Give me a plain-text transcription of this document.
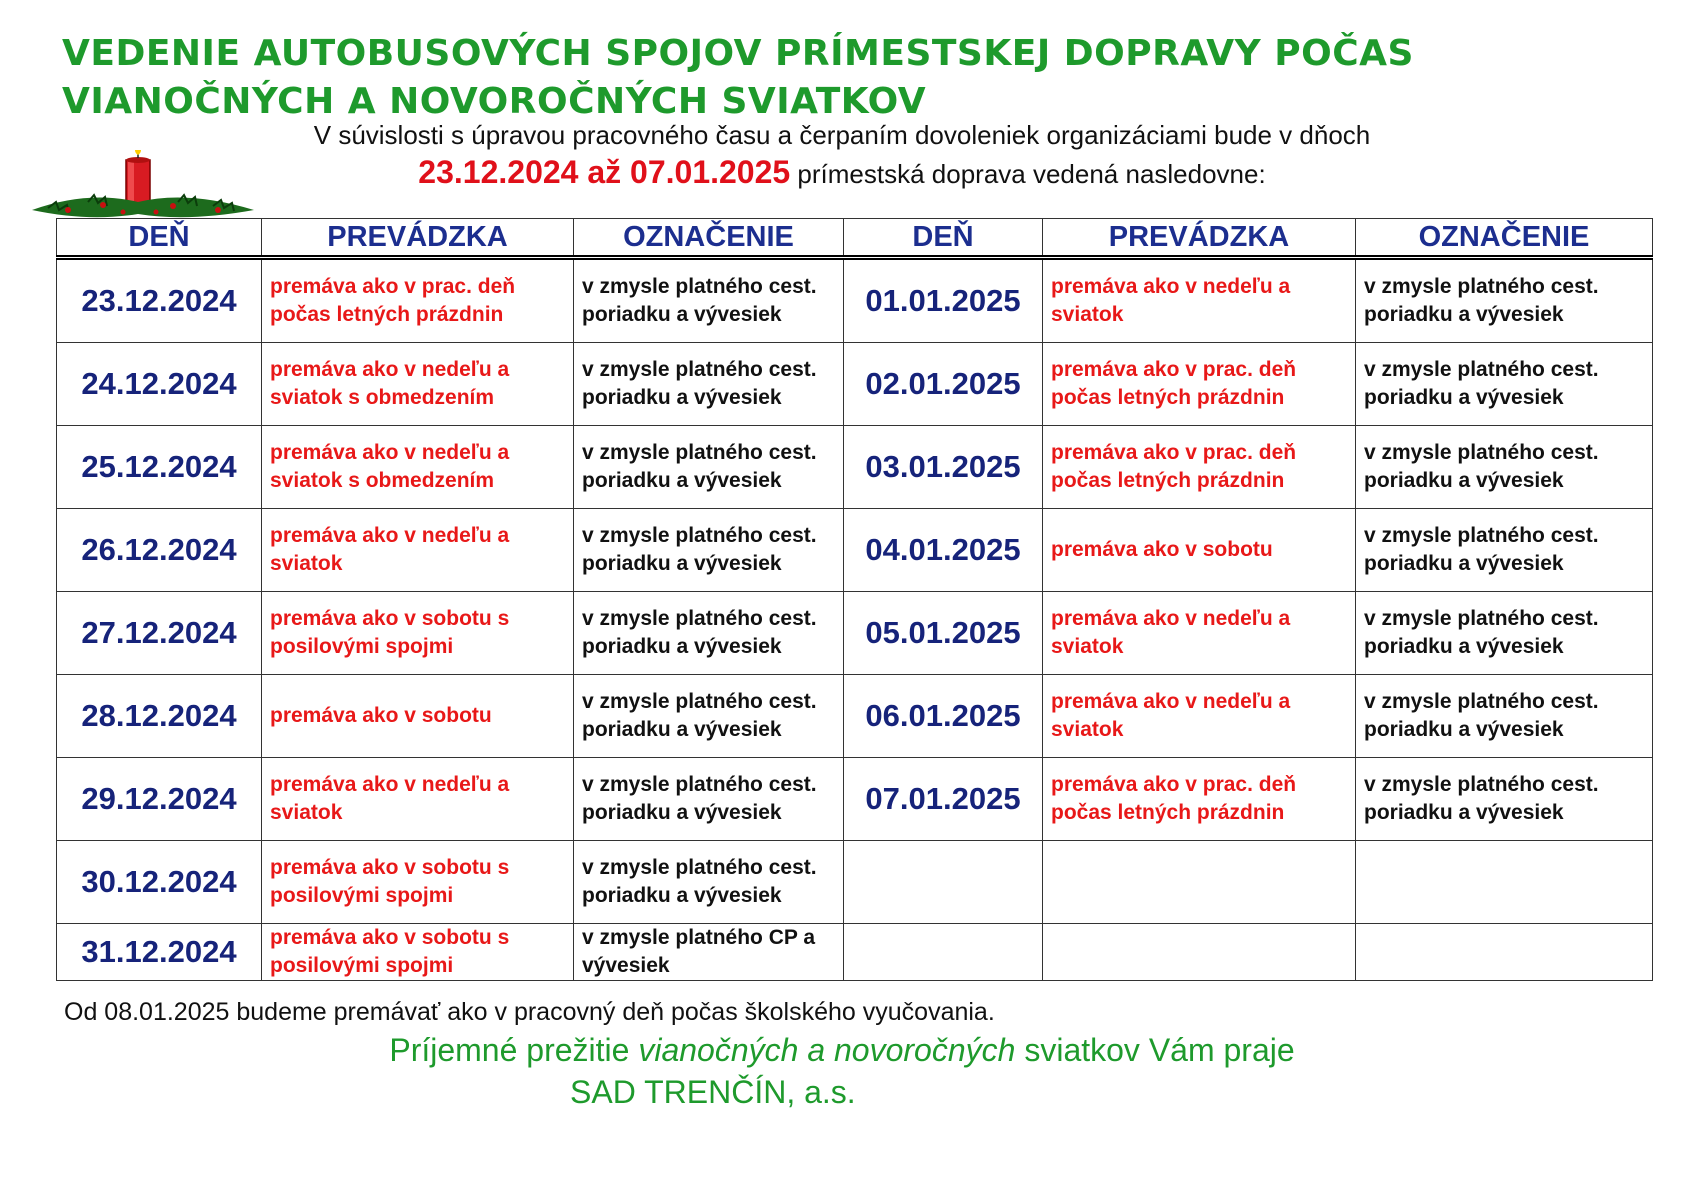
VEDENIE AUTOBUSOVÝCH SPOJOV PRÍMESTSKEJ DOPRAVY POČAS
VIANOČNÝCH A NOVOROČNÝCH SVIATKOV
V súvislosti s úpravou pracovného času a čerpaním dovoleniek organizáciami bude v dňoch
23.12.2024 až 07.01.2025 prímestská doprava vedená nasledovne:
DEŇ	PREVÁDZKA	OZNAČENIE	DEŇ	PREVÁDZKA	OZNAČENIE
23.12.2024	premáva ako v prac. deň počas letných prázdnin	v zmysle platného cest. poriadku a vývesiek	01.01.2025	premáva ako v nedeľu a sviatok	v zmysle platného cest. poriadku a vývesiek
24.12.2024	premáva ako v nedeľu a sviatok s obmedzením	v zmysle platného cest. poriadku a vývesiek	02.01.2025	premáva ako v prac. deň počas letných prázdnin	v zmysle platného cest. poriadku a vývesiek
25.12.2024	premáva ako v nedeľu a sviatok s obmedzením	v zmysle platného cest. poriadku a vývesiek	03.01.2025	premáva ako v prac. deň počas letných prázdnin	v zmysle platného cest. poriadku a vývesiek
26.12.2024	premáva ako v nedeľu a sviatok	v zmysle platného cest. poriadku a vývesiek	04.01.2025	premáva ako v sobotu	v zmysle platného cest. poriadku a vývesiek
27.12.2024	premáva ako v sobotu s posilovými spojmi	v zmysle platného cest. poriadku a vývesiek	05.01.2025	premáva ako v nedeľu a sviatok	v zmysle platného cest. poriadku a vývesiek
28.12.2024	premáva ako v sobotu	v zmysle platného cest. poriadku a vývesiek	06.01.2025	premáva ako v nedeľu a sviatok	v zmysle platného cest. poriadku a vývesiek
29.12.2024	premáva ako v nedeľu a sviatok	v zmysle platného cest. poriadku a vývesiek	07.01.2025	premáva ako v prac. deň počas letných prázdnin	v zmysle platného cest. poriadku a vývesiek
30.12.2024	premáva ako v sobotu s posilovými spojmi	v zmysle platného cest. poriadku a vývesiek			
31.12.2024	premáva ako v sobotu s posilovými spojmi	v zmysle platného CP a vývesiek			
Od 08.01.2025 budeme premávať ako v pracovný deň počas školského vyučovania.
Príjemné prežitie vianočných a novoročných sviatkov Vám praje
SAD TRENČÍN, a.s.
